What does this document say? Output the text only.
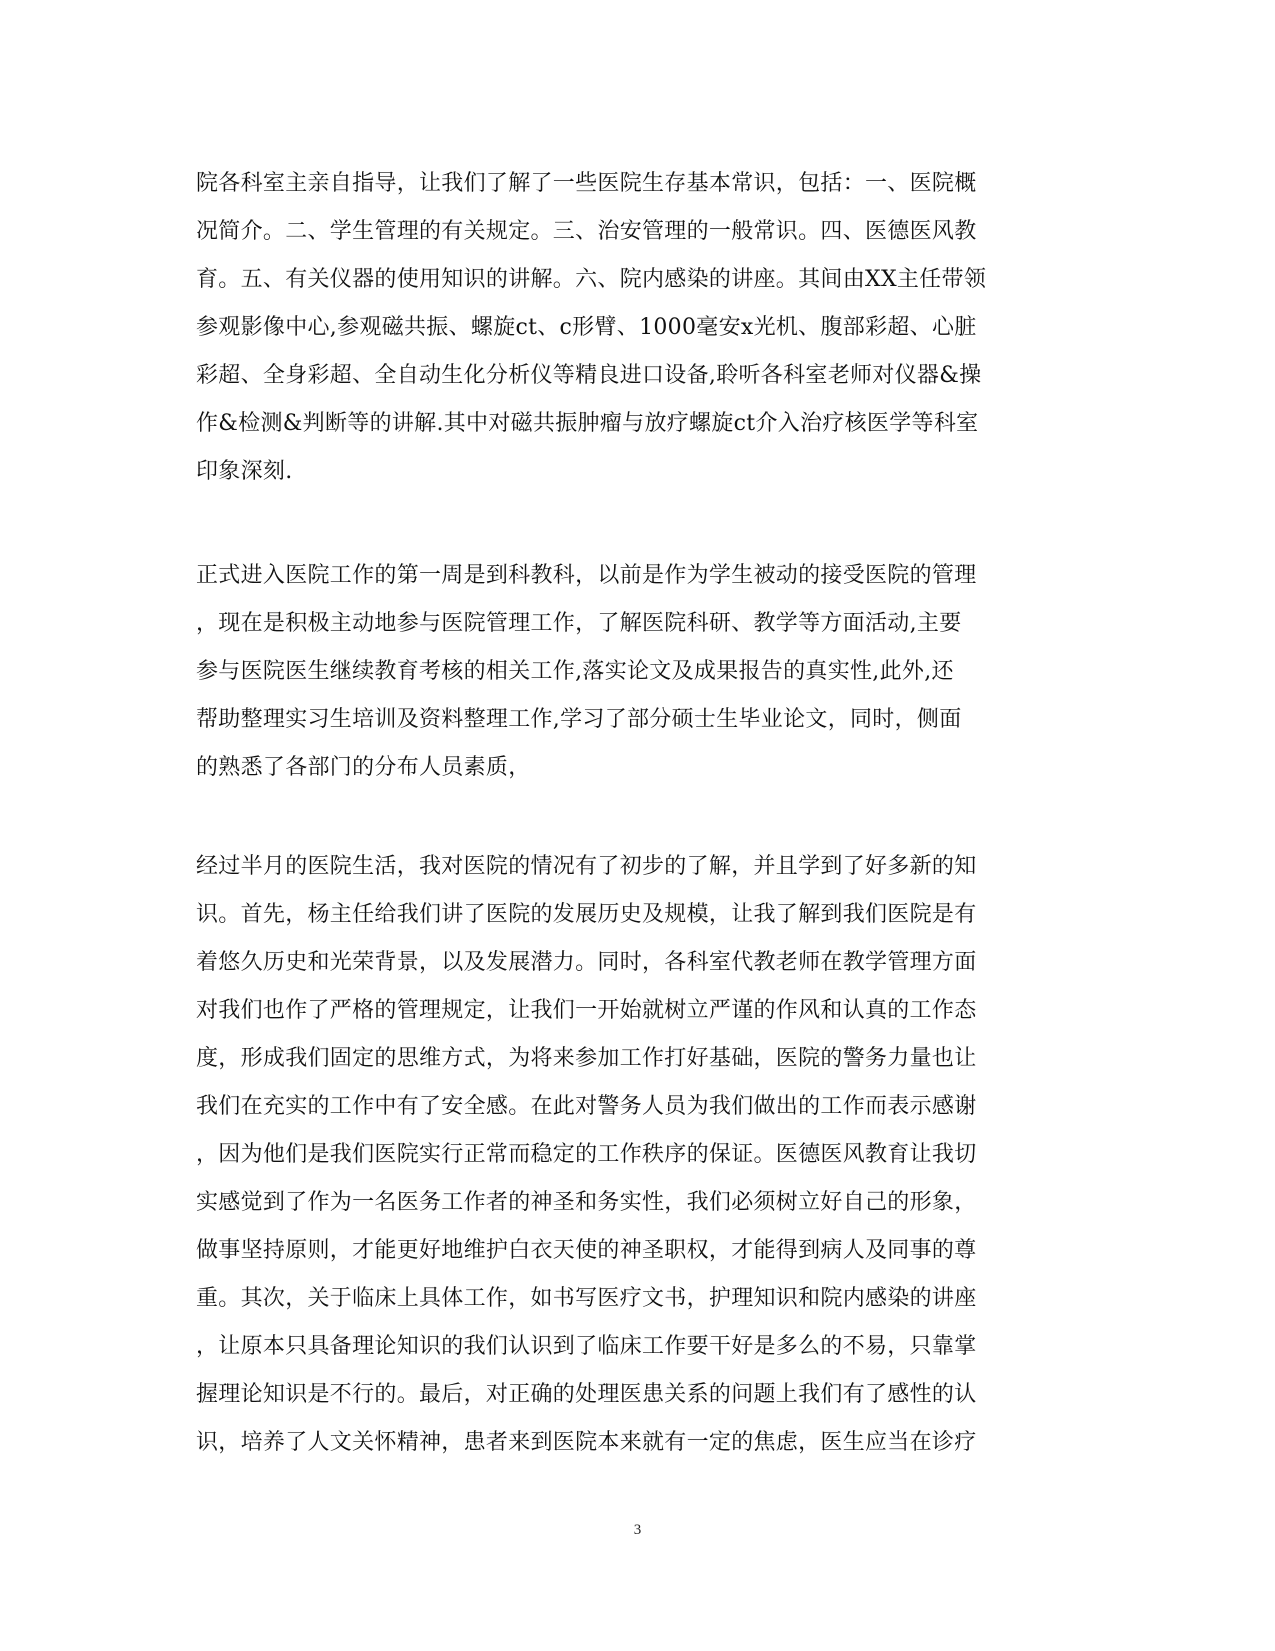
院各科室主亲自指导，让我们了解了一些医院生存基本常识，包括：一、医院概
况简介。二、学生管理的有关规定。三、治安管理的一般常识。四、医德医风教
育。五、有关仪器的使用知识的讲解。六、院内感染的讲座。其间由XX主任带领
参观影像中心,参观磁共振、螺旋ct、c形臂、1000毫安x光机、腹部彩超、心脏
彩超、全身彩超、全自动生化分析仪等精良进口设备,聆听各科室老师对仪器&操
作&检测&判断等的讲解.其中对磁共振肿瘤与放疗螺旋ct介入治疗核医学等科室
印象深刻.
正式进入医院工作的第一周是到科教科，以前是作为学生被动的接受医院的管理
，现在是积极主动地参与医院管理工作，了解医院科研、教学等方面活动,主要
参与医院医生继续教育考核的相关工作,落实论文及成果报告的真实性,此外,还
帮助整理实习生培训及资料整理工作,学习了部分硕士生毕业论文，同时，侧面
的熟悉了各部门的分布人员素质，
经过半月的医院生活，我对医院的情况有了初步的了解，并且学到了好多新的知
识。首先，杨主任给我们讲了医院的发展历史及规模，让我了解到我们医院是有
着悠久历史和光荣背景，以及发展潜力。同时，各科室代教老师在教学管理方面
对我们也作了严格的管理规定，让我们一开始就树立严谨的作风和认真的工作态
度，形成我们固定的思维方式，为将来参加工作打好基础，医院的警务力量也让
我们在充实的工作中有了安全感。在此对警务人员为我们做出的工作而表示感谢
，因为他们是我们医院实行正常而稳定的工作秩序的保证。医德医风教育让我切
实感觉到了作为一名医务工作者的神圣和务实性，我们必须树立好自己的形象，
做事坚持原则，才能更好地维护白衣天使的神圣职权，才能得到病人及同事的尊
重。其次，关于临床上具体工作，如书写医疗文书，护理知识和院内感染的讲座
，让原本只具备理论知识的我们认识到了临床工作要干好是多么的不易，只靠掌
握理论知识是不行的。最后，对正确的处理医患关系的问题上我们有了感性的认
识，培养了人文关怀精神，患者来到医院本来就有一定的焦虑，医生应当在诊疗
3
